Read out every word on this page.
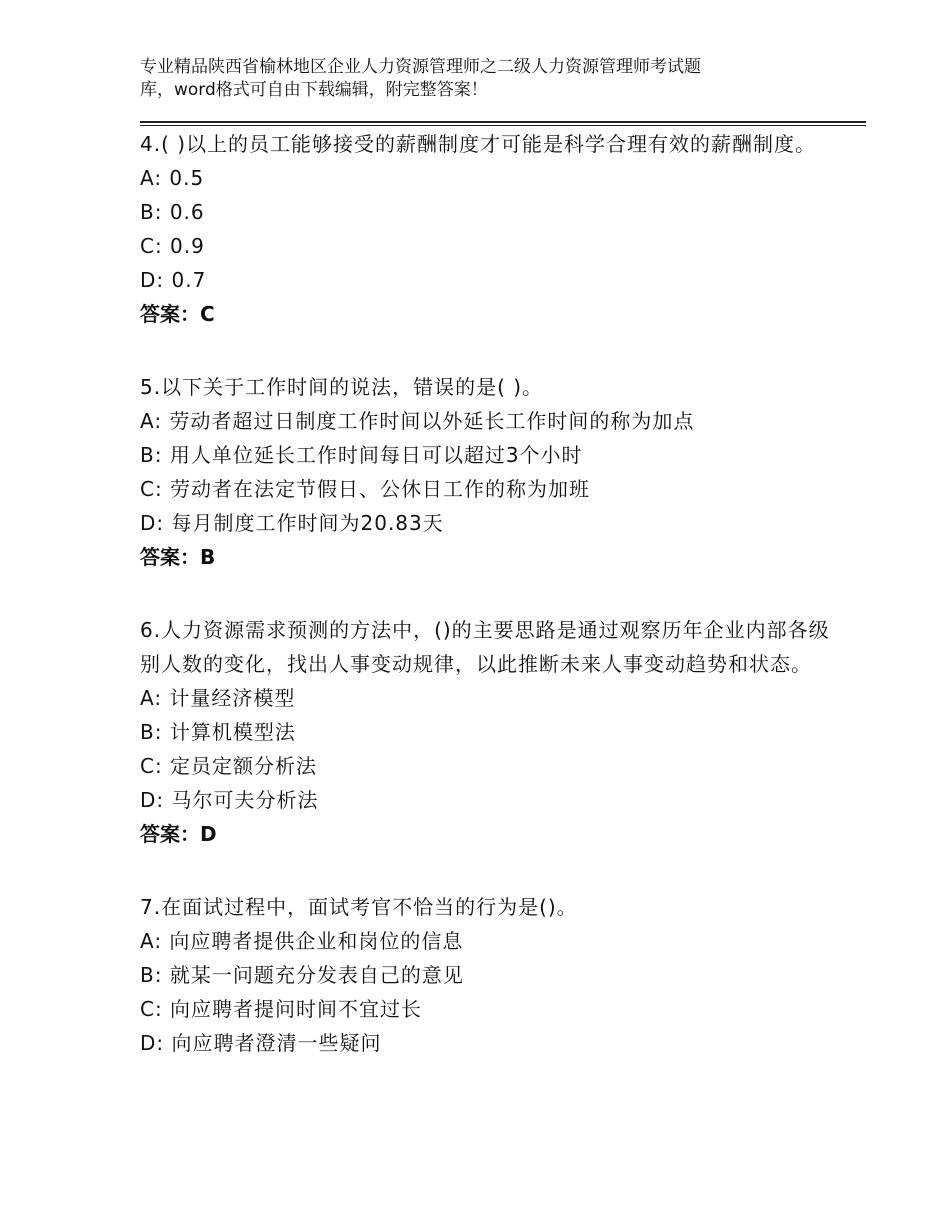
专业精品陕西省榆林地区企业人力资源管理师之二级人力资源管理师考试题
库，word格式可自由下载编辑，附完整答案！

4.( )以上的员工能够接受的薪酬制度才可能是科学合理有效的薪酬制度。

A: 0.5

B: 0.6

C: 0.9

D: 0.7

答案：C

5.以下关于工作时间的说法，错误的是( )。

A: 劳动者超过日制度工作时间以外延长工作时间的称为加点

B: 用人单位延长工作时间每日可以超过3个小时

C: 劳动者在法定节假日、公休日工作的称为加班

D: 每月制度工作时间为20.83天

答案：B

6.人力资源需求预测的方法中，()的主要思路是通过观察历年企业内部各级别人数的变化，找出人事变动规律，以此推断未来人事变动趋势和状态。

A: 计量经济模型

B: 计算机模型法

C: 定员定额分析法

D: 马尔可夫分析法

答案：D

7.在面试过程中，面试考官不恰当的行为是()。

A: 向应聘者提供企业和岗位的信息

B: 就某一问题充分发表自己的意见

C: 向应聘者提问时间不宜过长

D: 向应聘者澄清一些疑问
